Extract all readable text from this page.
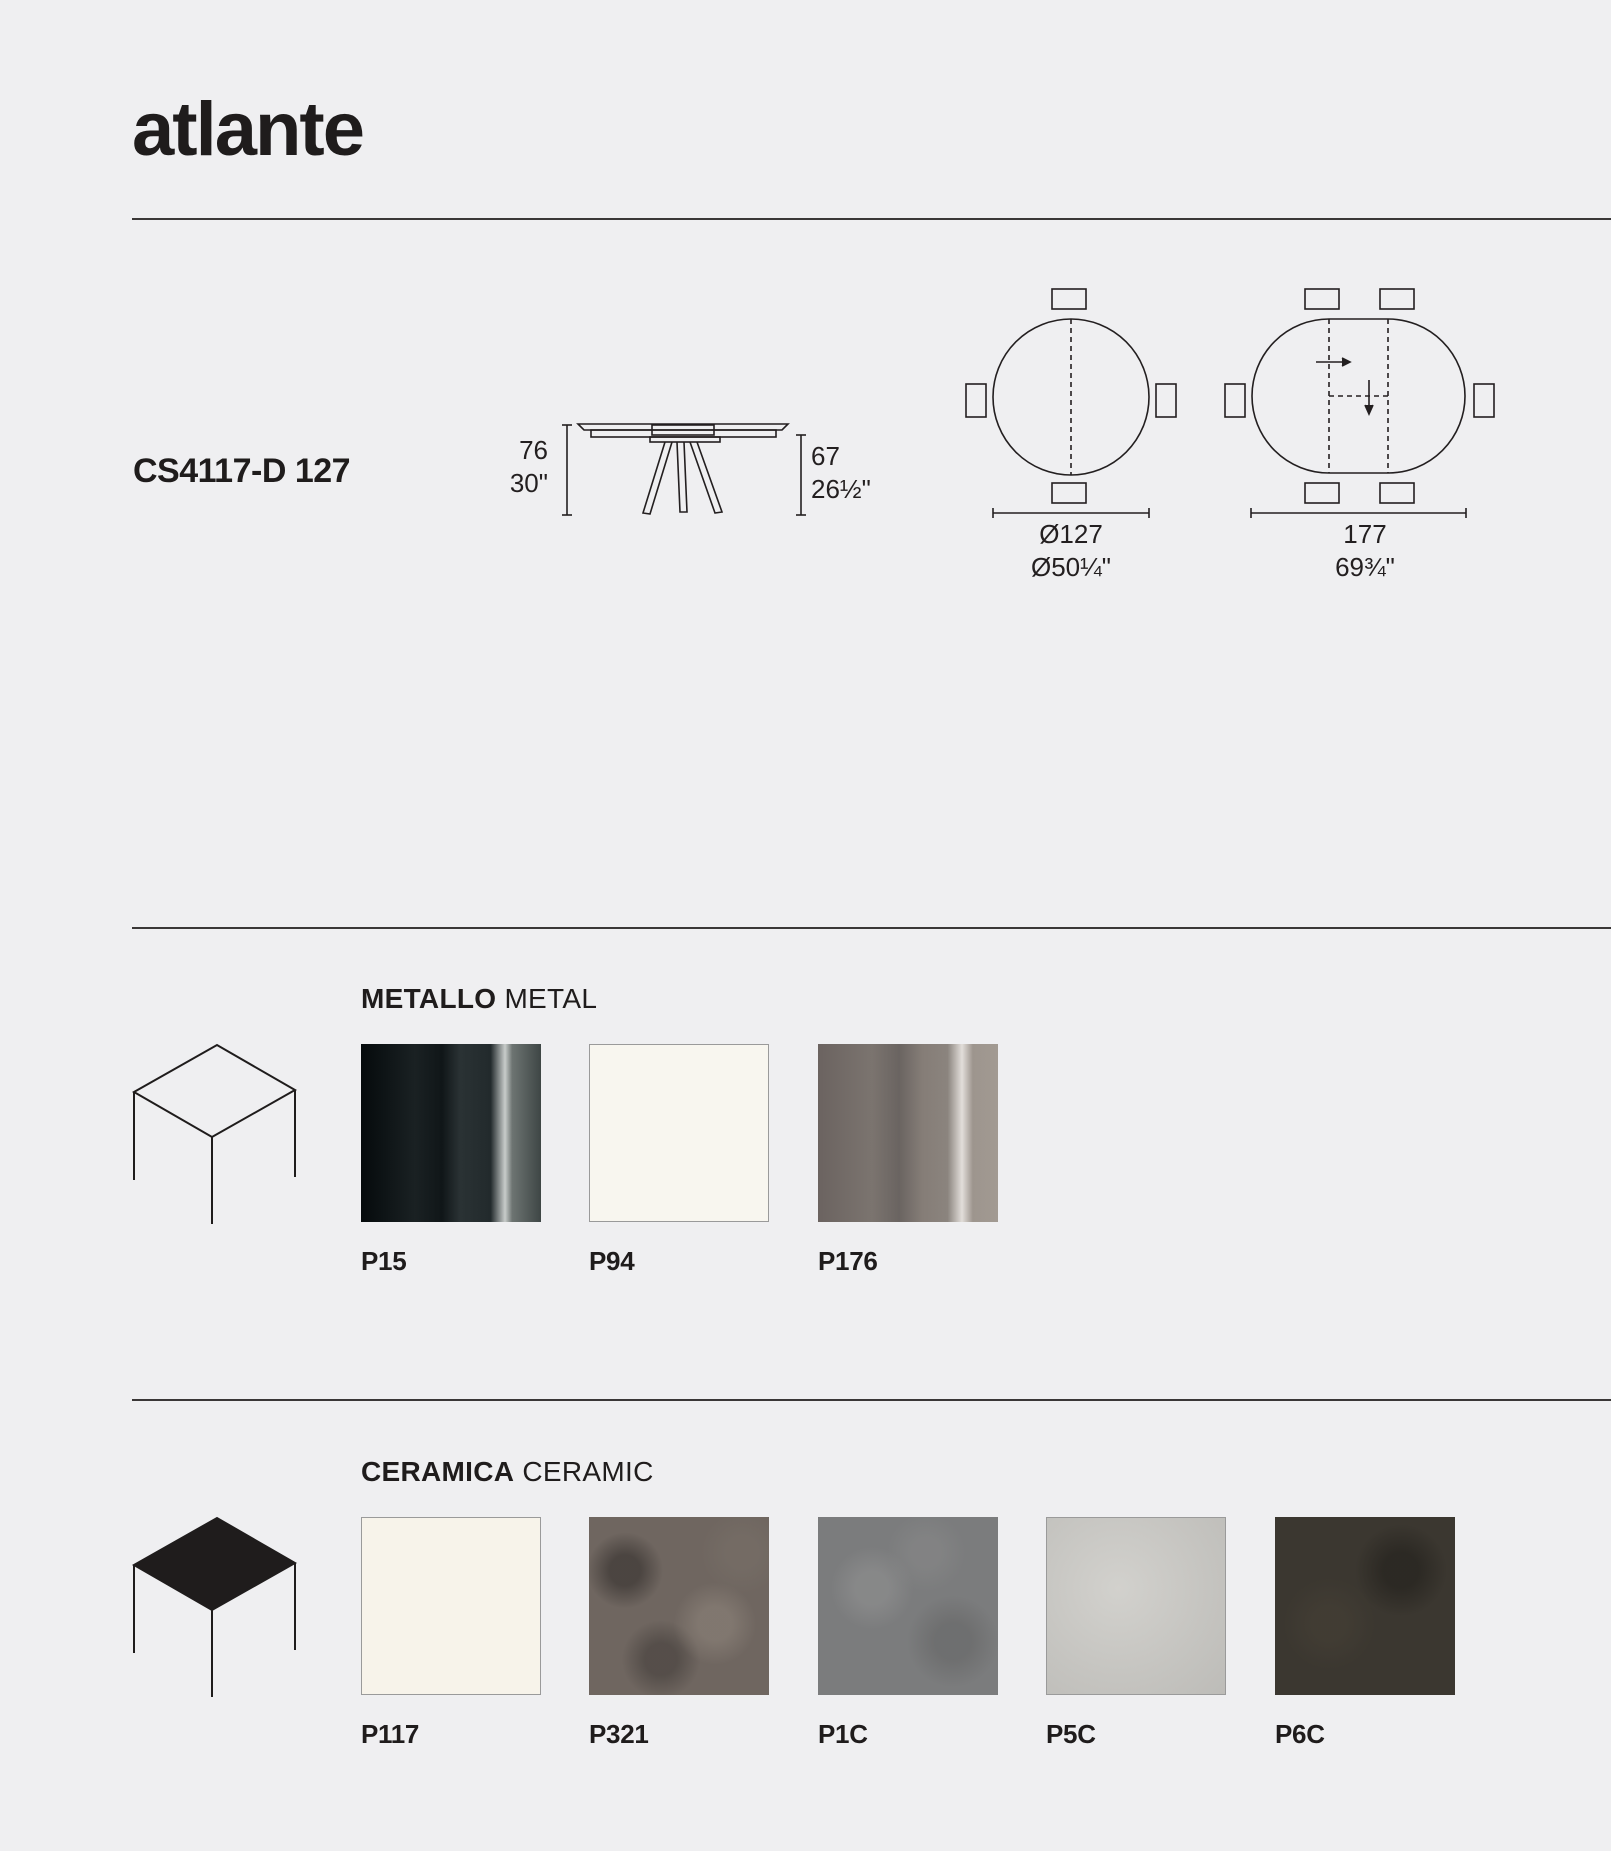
atlante
CS4117-D 127
76
30"
67
26½"
Ø127
Ø50¼"
177
69¾"
METALLO METAL
P15	P94	P176
CERAMICA CERAMIC
P117	P321	P1C	P5C	P6C
